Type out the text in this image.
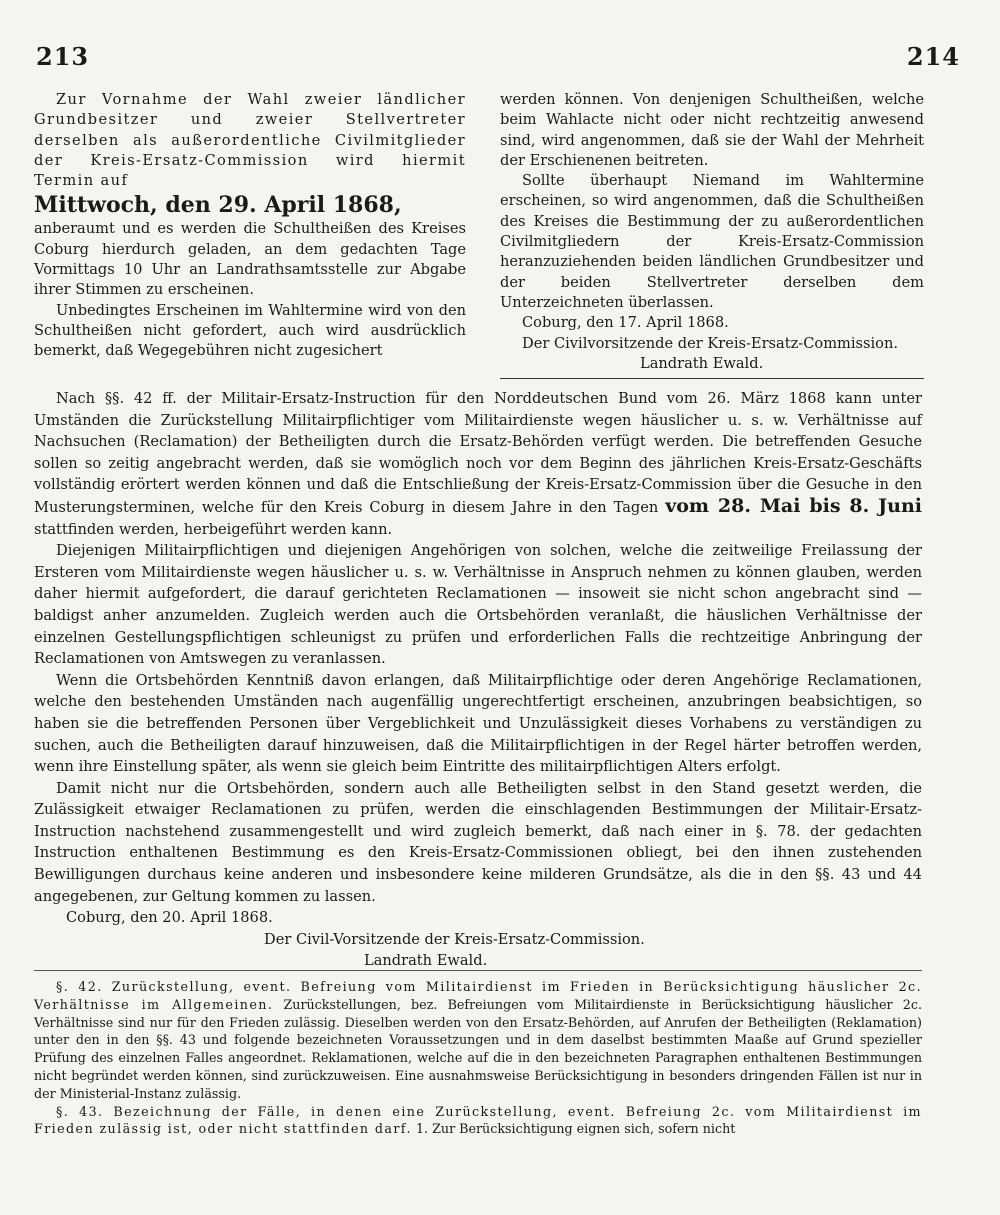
213	214

Zur Vornahme der Wahl zweier ländlicher Grundbesitzer und zweier Stellvertreter derselben als außerordentliche Civilmitglieder der Kreis-Ersatz-Commission wird hiermit Termin auf

Mittwoch, den 29. April 1868,

anberaumt und es werden die Schultheißen des Kreises Coburg hierdurch geladen, an dem gedachten Tage Vormittags 10 Uhr an Landrathsamtsstelle zur Abgabe ihrer Stimmen zu erscheinen.

Unbedingtes Erscheinen im Wahltermine wird von den Schultheißen nicht gefordert, auch wird ausdrücklich bemerkt, daß Wegegebühren nicht zugesichert

werden können. Von denjenigen Schultheißen, welche beim Wahlacte nicht oder nicht rechtzeitig anwesend sind, wird angenommen, daß sie der Wahl der Mehrheit der Erschienenen beitreten.

Sollte überhaupt Niemand im Wahltermine erscheinen, so wird angenommen, daß die Schultheißen des Kreises die Bestimmung der zu außerordentlichen Civilmitgliedern der Kreis-Ersatz-Commission heranzuziehenden beiden ländlichen Grundbesitzer und der beiden Stellvertreter derselben dem Unterzeichneten überlassen.

Coburg, den 17. April 1868.

Der Civilvorsitzende der Kreis-Ersatz-Commission.

Landrath Ewald.

Nach §§. 42 ff. der Militair-Ersatz-Instruction für den Norddeutschen Bund vom 26. März 1868 kann unter Umständen die Zurückstellung Militairpflichtiger vom Militairdienste wegen häuslicher u. s. w. Verhältnisse auf Nachsuchen (Reclamation) der Betheiligten durch die Ersatz-Behörden verfügt werden. Die betreffenden Gesuche sollen so zeitig angebracht werden, daß sie womöglich noch vor dem Beginn des jährlichen Kreis-Ersatz-Geschäfts vollständig erörtert werden können und daß die Entschließung der Kreis-Ersatz-Commission über die Gesuche in den Musterungsterminen, welche für den Kreis Coburg in diesem Jahre in den Tagen vom 28. Mai bis 8. Juni stattfinden werden, herbeigeführt werden kann.

Diejenigen Militairpflichtigen und diejenigen Angehörigen von solchen, welche die zeitweilige Freilassung der Ersteren vom Militairdienste wegen häuslicher u. s. w. Verhältnisse in Anspruch nehmen zu können glauben, werden daher hiermit aufgefordert, die darauf gerichteten Reclamationen — insoweit sie nicht schon angebracht sind — baldigst anher anzumelden. Zugleich werden auch die Ortsbehörden veranlaßt, die häuslichen Verhältnisse der einzelnen Gestellungspflichtigen schleunigst zu prüfen und erforderlichen Falls die rechtzeitige Anbringung der Reclamationen von Amtswegen zu veranlassen.

Wenn die Ortsbehörden Kenntniß davon erlangen, daß Militairpflichtige oder deren Angehörige Reclamationen, welche den bestehenden Umständen nach augenfällig ungerechtfertigt erscheinen, anzubringen beabsichtigen, so haben sie die betreffenden Personen über Vergeblichkeit und Unzulässigkeit dieses Vorhabens zu verständigen zu suchen, auch die Betheiligten darauf hinzuweisen, daß die Militairpflichtigen in der Regel härter betroffen werden, wenn ihre Einstellung später, als wenn sie gleich beim Eintritte des militairpflichtigen Alters erfolgt.

Damit nicht nur die Ortsbehörden, sondern auch alle Betheiligten selbst in den Stand gesetzt werden, die Zulässigkeit etwaiger Reclamationen zu prüfen, werden die einschlagenden Bestimmungen der Militair-Ersatz-Instruction nachstehend zusammengestellt und wird zugleich bemerkt, daß nach einer in §. 78. der gedachten Instruction enthaltenen Bestimmung es den Kreis-Ersatz-Commissionen obliegt, bei den ihnen zustehenden Bewilligungen durchaus keine anderen und insbesondere keine milderen Grundsätze, als die in den §§. 43 und 44 angegebenen, zur Geltung kommen zu lassen.

Coburg, den 20. April 1868.

Der Civil-Vorsitzende der Kreis-Ersatz-Commission.

Landrath Ewald.

§. 42. Zurückstellung, event. Befreiung vom Militairdienst im Frieden in Berücksichtigung häuslicher 2c. Verhältnisse im Allgemeinen. Zurückstellungen, bez. Befreiungen vom Militairdienste in Berücksichtigung häuslicher 2c. Verhältnisse sind nur für den Frieden zulässig. Dieselben werden von den Ersatz-Behörden, auf Anrufen der Betheiligten (Reklamation) unter den in den §§. 43 und folgende bezeichneten Voraussetzungen und in dem daselbst bestimmten Maaße auf Grund spezieller Prüfung des einzelnen Falles angeordnet. Reklamationen, welche auf die in den bezeichneten Paragraphen enthaltenen Bestimmungen nicht begründet werden können, sind zurückzuweisen. Eine ausnahmsweise Berücksichtigung in besonders dringenden Fällen ist nur in der Ministerial-Instanz zulässig.

§. 43. Bezeichnung der Fälle, in denen eine Zurückstellung, event. Befreiung 2c. vom Militairdienst im Frieden zulässig ist, oder nicht stattfinden darf. 1. Zur Berücksichtigung eignen sich, sofern nicht
